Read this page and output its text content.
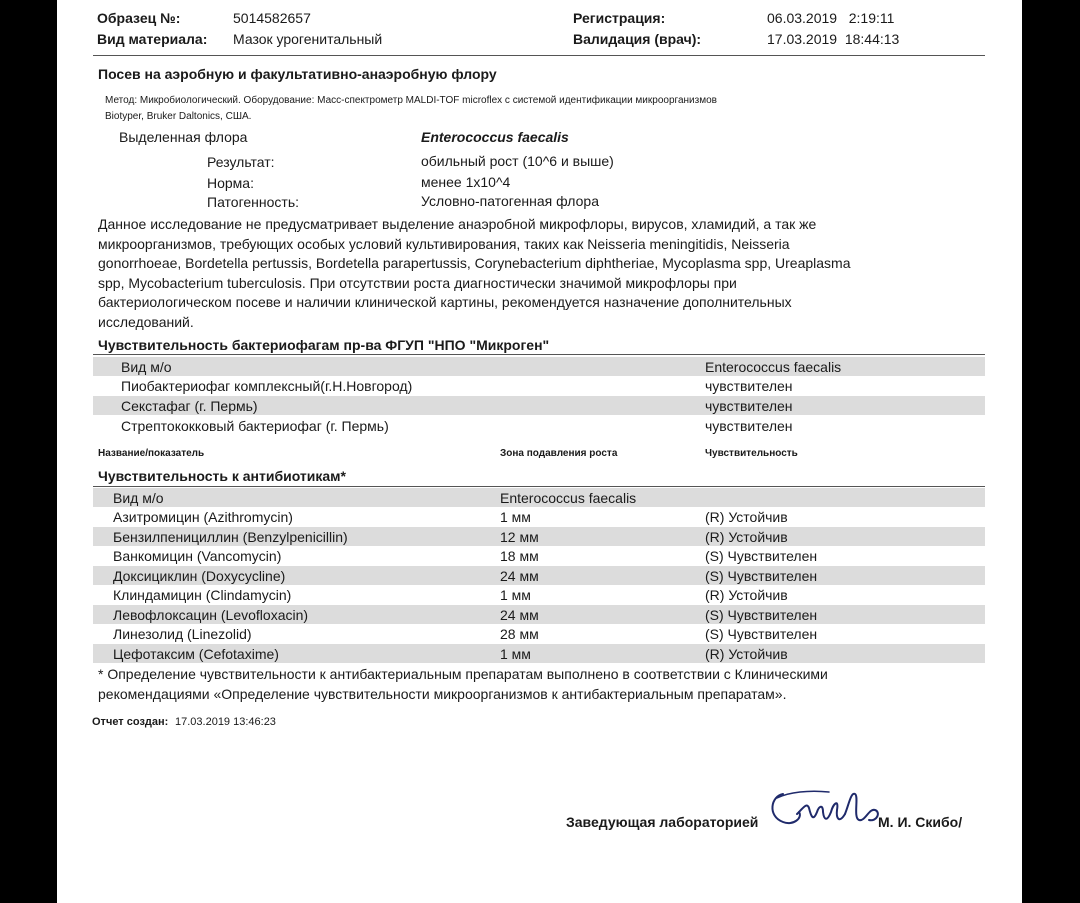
Образец №:	5014582657
Вид материала: Мазок урогенитальный
Регистрация:	06.03.2019   2:19:11
Валидация (врач):	17.03.2019  18:44:13
Посев на аэробную и факультативно-анаэробную флору
Метод: Микробиологический. Оборудование: Масс-спектрометр MALDI-TOF microflex с системой идентификации микроорганизмов
Biotyper, Bruker Daltonics, США.
Выделенная флора	Enterococcus faecalis
Результат:	обильный рост (10^6 и выше)
Норма:	менее 1x10^4
Патогенность:	Условно-патогенная флора
Данное исследование не предусматривает выделение анаэробной микрофлоры, вирусов, хламидий, а так же
микроорганизмов, требующих особых условий культивирования, таких как Neisseria meningitidis, Neisseria
gonorrhoeae, Bordetella pertussis, Bordetella parapertussis, Corynebacterium diphtheriae, Mycoplasma spp, Ureaplasma
spp, Mycobacterium tuberculosis. При отсутствии роста диагностически значимой микрофлоры при
бактериологическом посеве и наличии клинической картины, рекомендуется назначение дополнительных
исследований.
Чувствительность бактериофагам пр-ва ФГУП "НПО "Микроген"
Вид м/о	Enterococcus faecalis
Пиобактериофаг комплексный(г.Н.Новгород)	чувствителен
Секстафаг (г. Пермь)	чувствителен
Стрептококковый бактериофаг (г. Пермь)	чувствителен
Название/показатель	Зона подавления роста	Чувствительность
Чувствительность к антибиотикам*
Вид м/о	Enterococcus faecalis
Азитромицин (Azithromycin)	1 мм	(R) Устойчив
Бензилпенициллин (Benzylpenicillin)	12 мм	(R) Устойчив
Ванкомицин (Vancomycin)	18 мм	(S) Чувствителен
Доксициклин (Doxycycline)	24 мм	(S) Чувствителен
Клиндамицин (Clindamycin)	1 мм	(R) Устойчив
Левофлоксацин (Levofloxacin)	24 мм	(S) Чувствителен
Линезолид (Linezolid)	28 мм	(S) Чувствителен
Цефотаксим (Cefotaxime)	1 мм	(R) Устойчив
* Определение чувствительности к антибактериальным препаратам выполнено в соответствии с Клиническими
рекомендациями «Определение чувствительности микроорганизмов к антибактериальным препаратам».
Отчет создан: 17.03.2019 13:46:23
Заведующая лабораторией	М. И. Скибо/
